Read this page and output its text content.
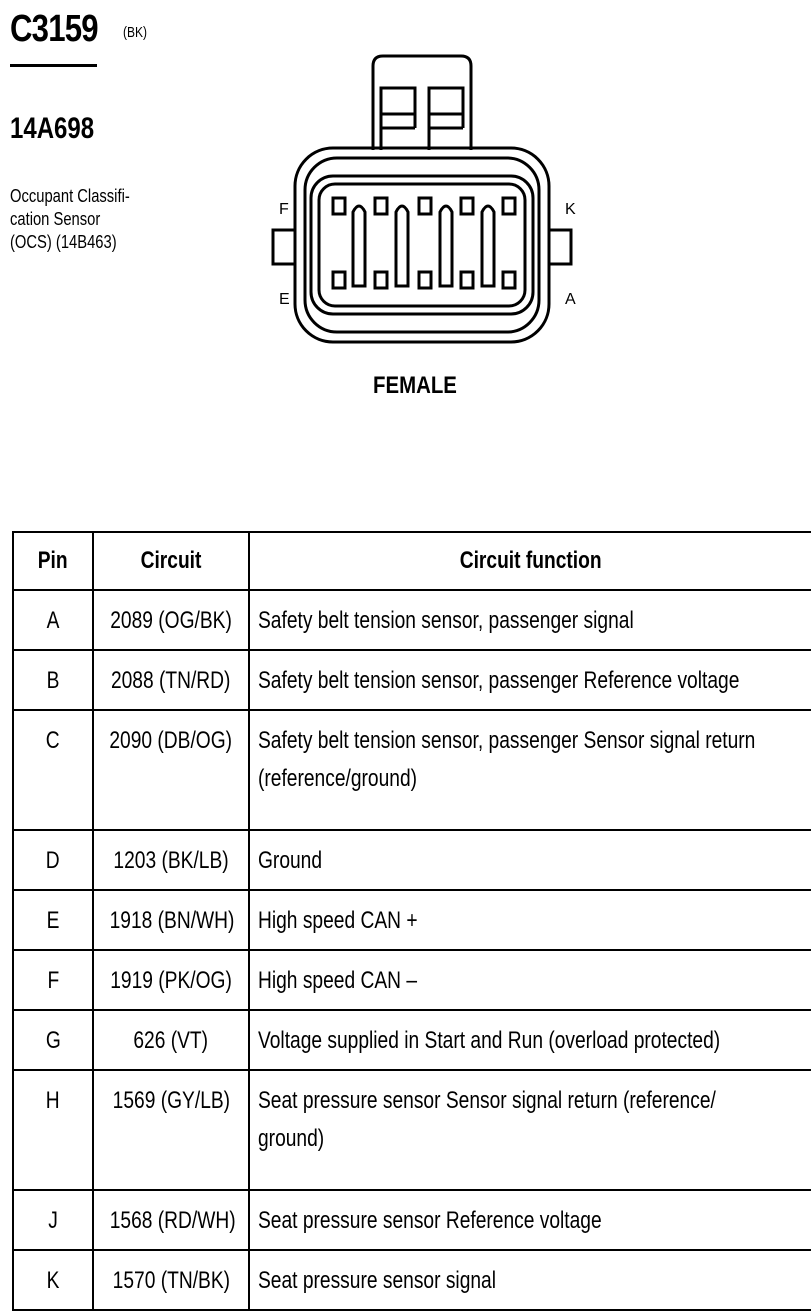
C3159 (BK)
14A698
Occupant Classifi-
cation Sensor
(OCS) (14B463)
F
E
K
A
FEMALE
Pin	Circuit	Circuit function

A	2089 (OG/BK)	Safety belt tension sensor, passenger signal

B	2088 (TN/RD)	Safety belt tension sensor, passenger Reference voltage

C	2090 (DB/OG)	Safety belt tension sensor, passenger Sensor signal return (reference/ground)

D	1203 (BK/LB)	Ground

E	1918 (BN/WH)	High speed CAN +

F	1919 (PK/OG)	High speed CAN –

G	626 (VT)	Voltage supplied in Start and Run (overload protected)

H	1569 (GY/LB)	Seat pressure sensor Sensor signal return (reference/ ground)

J	1568 (RD/WH)	Seat pressure sensor Reference voltage

K	1570 (TN/BK)	Seat pressure sensor signal
